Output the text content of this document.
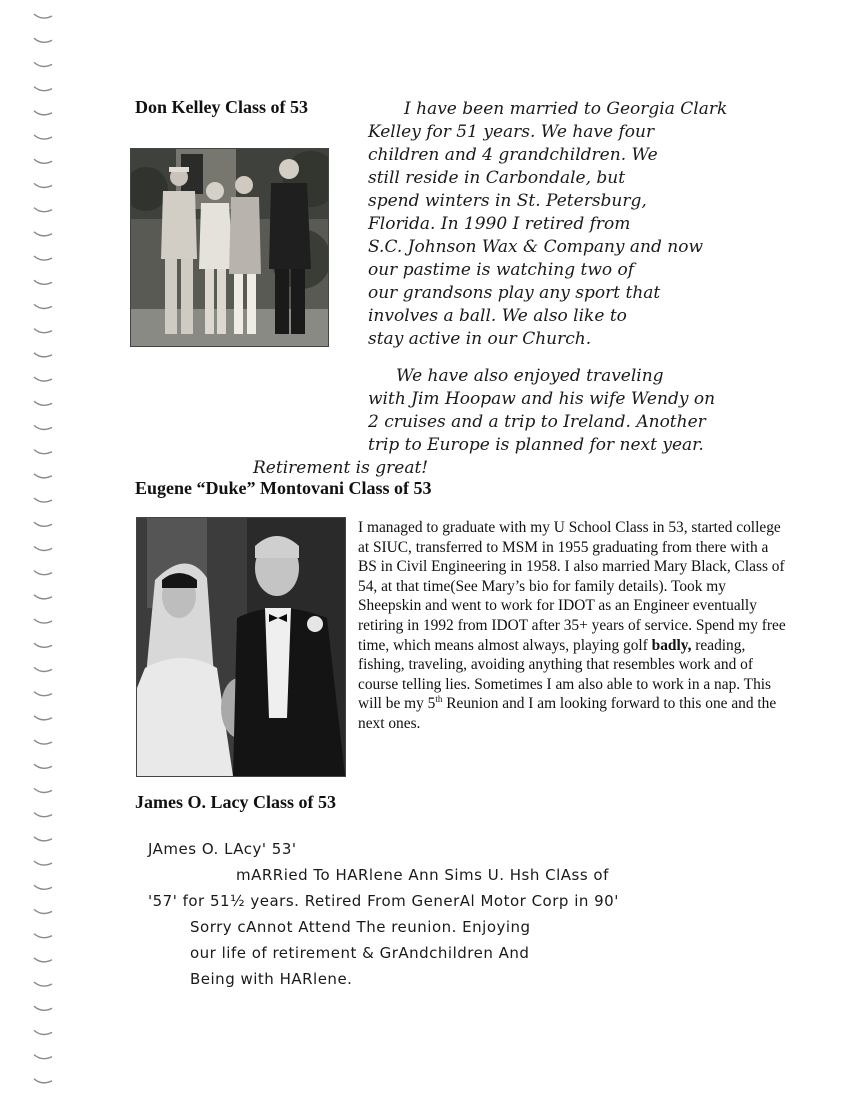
Don Kelley Class of 53	I have been married to Georgia Clark
Kelley for 51 years. We have four
children and 4 grandchildren. We
still reside in Carbondale, but
spend winters in St. Petersburg,
Florida. In 1990 I retired from
S.C. Johnson Wax & Company and now
our pastime is watching two of
our grandsons play any sport that
involves a ball. We also like to
stay active in our Church.
We have also enjoyed traveling
with Jim Hoopaw and his wife Wendy on
2 cruises and a trip to Ireland. Another
trip to Europe is planned for next year.
Retirement is great!
Eugene “Duke” Montovani Class of 53

I managed to graduate with my U School Class in 53, started college at SIUC, transferred to MSM in 1955 graduating from there with a BS in Civil Engineering in 1958. I also married Mary Black, Class of 54, at that time(See Mary’s bio for family details). Took my Sheepskin and went to work for IDOT as an Engineer eventually retiring in 1992 from IDOT after 35+ years of service. Spend my free time, which means almost always, playing golf badly, reading, fishing, traveling, avoiding anything that resembles work and of course telling lies. Sometimes I am also able to work in a nap. This will be my 5th Reunion and I am looking forward to this one and the next ones.

James O. Lacy Class of 53
JAmes O. LAcy' 53'
mARRied To HARlene Ann Sims U. Hsh ClAss of
'57' for 51½ years. Retired From GenerAl Motor Corp in 90'
Sorry cAnnot Attend The reunion. Enjoying
our life of retirement & GrAndchildren And
Being with HARlene.
